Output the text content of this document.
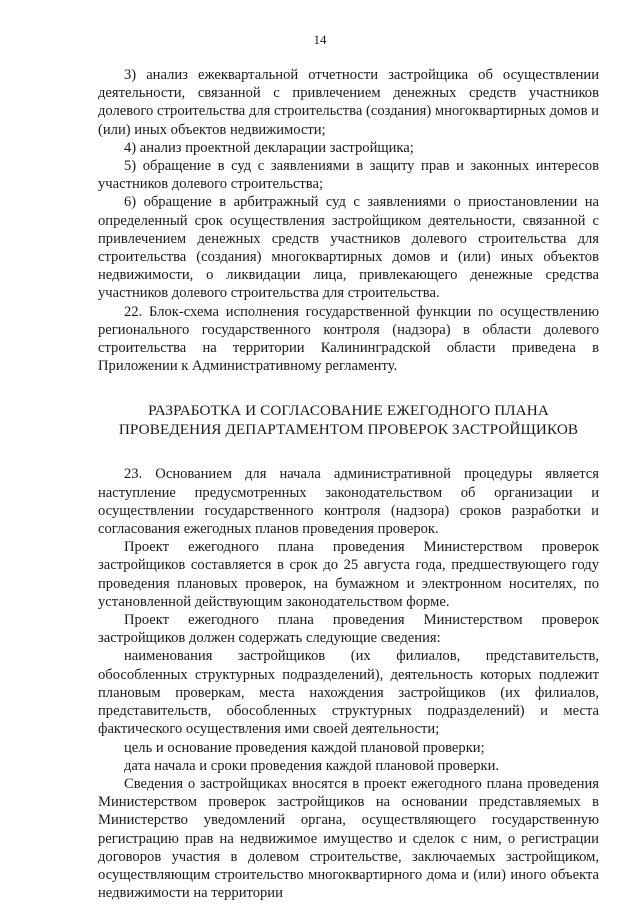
14

3) анализ ежеквартальной отчетности застройщика об осуществлении деятельности, связанной с привлечением денежных средств участников долевого строительства для строительства (создания) многоквартирных домов и (или) иных объектов недвижимости;

4) анализ проектной декларации застройщика;

5) обращение в суд с заявлениями в защиту прав и законных интересов участников долевого строительства;

6) обращение в арбитражный суд с заявлениями о приостановлении на определенный срок осуществления застройщиком деятельности, связанной с привлечением денежных средств участников долевого строительства для строительства (создания) многоквартирных домов и (или) иных объектов недвижимости, о ликвидации лица, привлекающего денежные средства участников долевого строительства для строительства.

22. Блок-схема исполнения государственной функции по осуществлению регионального государственного контроля (надзора) в области долевого строительства на территории Калининградской области приведена в Приложении к Административному регламенту.

РАЗРАБОТКА И СОГЛАСОВАНИЕ ЕЖЕГОДНОГО ПЛАНА
ПРОВЕДЕНИЯ ДЕПАРТАМЕНТОМ ПРОВЕРОК ЗАСТРОЙЩИКОВ

23. Основанием для начала административной процедуры является наступление предусмотренных законодательством об организации и осуществлении государственного контроля (надзора) сроков разработки и согласования ежегодных планов проведения проверок.

Проект ежегодного плана проведения Министерством проверок застройщиков составляется в срок до 25 августа года, предшествующего году проведения плановых проверок, на бумажном и электронном носителях, по установленной действующим законодательством форме.

Проект ежегодного плана проведения Министерством проверок застройщиков должен содержать следующие сведения:

наименования застройщиков (их филиалов, представительств, обособленных структурных подразделений), деятельность которых подлежит плановым проверкам, места нахождения застройщиков (их филиалов, представительств, обособленных структурных подразделений) и места фактического осуществления ими своей деятельности;

цель и основание проведения каждой плановой проверки;

дата начала и сроки проведения каждой плановой проверки.

Сведения о застройщиках вносятся в проект ежегодного плана проведения Министерством проверок застройщиков на основании представляемых в Министерство уведомлений органа, осуществляющего государственную регистрацию прав на недвижимое имущество и сделок с ним, о регистрации договоров участия в долевом строительстве, заключаемых застройщиком, осуществляющим строительство многоквартирного дома и (или) иного объекта недвижимости на территории
